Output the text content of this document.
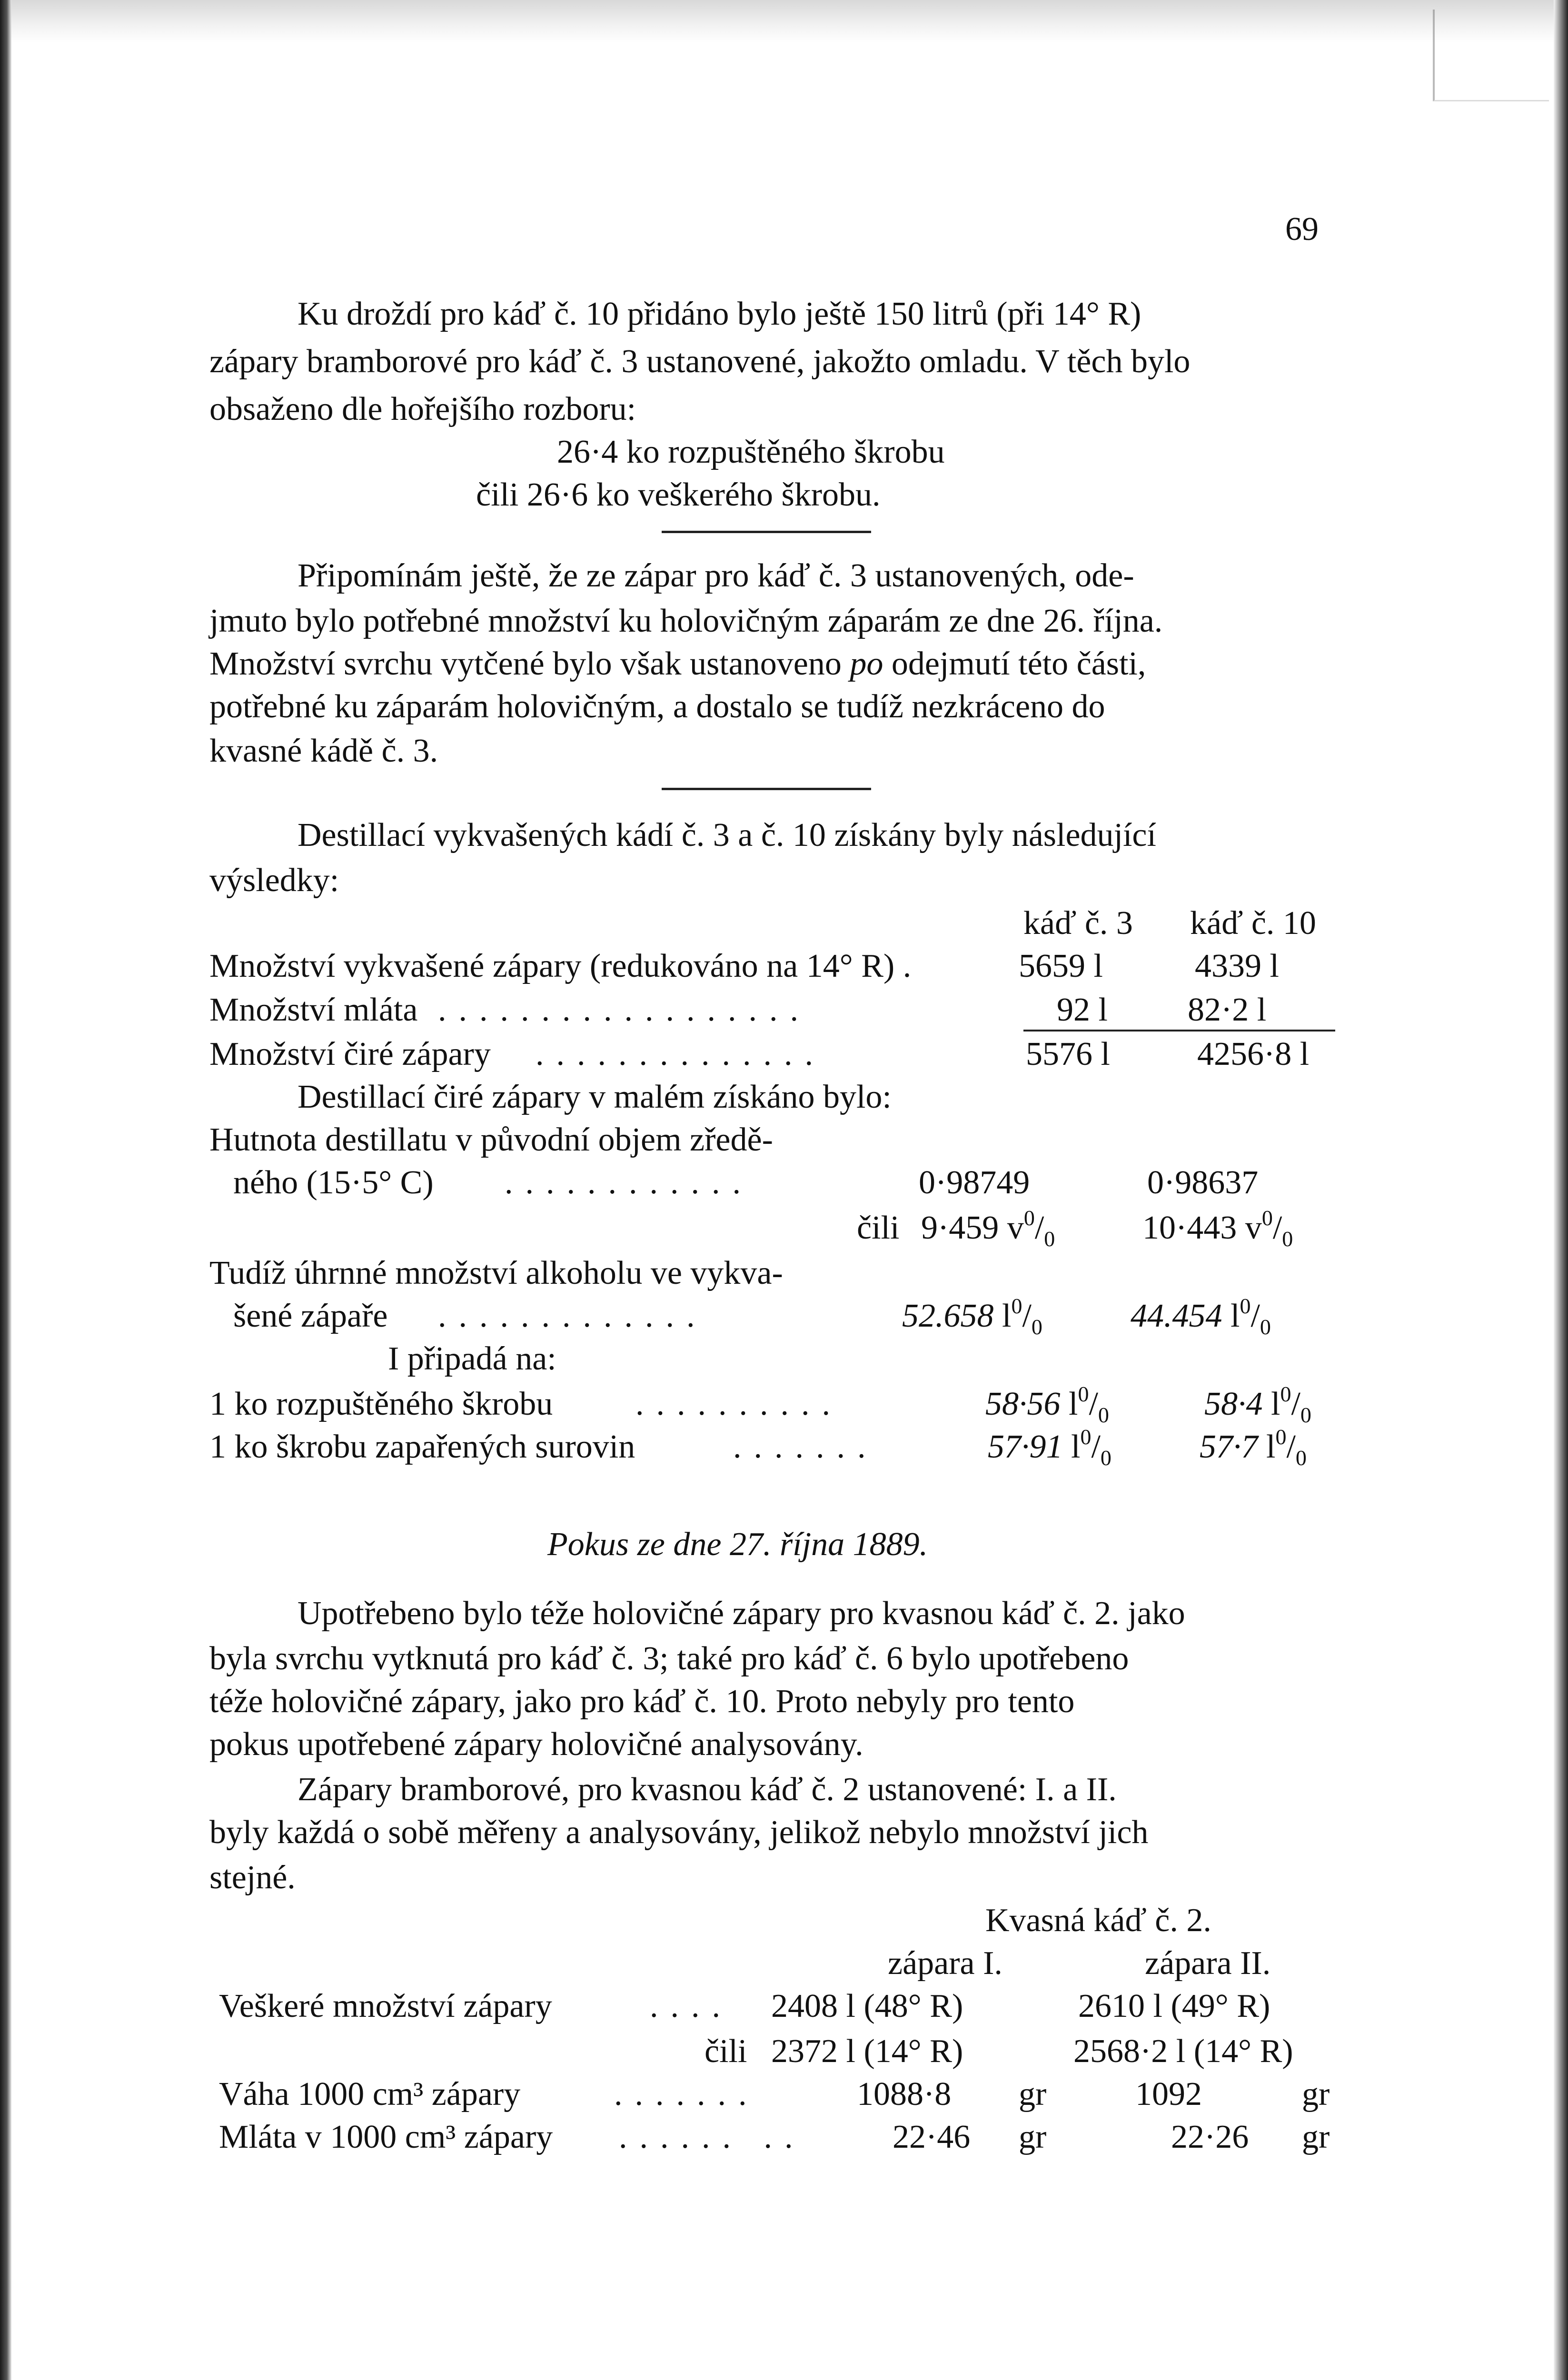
69
Ku droždí pro káď č. 10 přidáno bylo ještě 150 litrů (při 14° R)
zápary bramborové pro káď č. 3 ustanovené, jakožto omladu. V těch bylo
obsaženo dle hořejšího rozboru:
26·4 ko rozpuštěného škrobu
čili 26·6 ko veškerého škrobu.
Připomínám ještě, že ze zápar pro káď č. 3 ustanovených, ode-
jmuto bylo potřebné množství ku holovičným záparám ze dne 26. října.
Množství svrchu vytčené bylo však ustanoveno po odejmutí této části,
potřebné ku záparám holovičným, a dostalo se tudíž nezkráceno do
kvasné kádě č. 3.
Destillací vykvašených kádí č. 3 a č. 10 získány byly následující
výsledky:
káď č. 3 káď č. 10
Množství vykvašené zápary (redukováno na 14° R) .	5659 l	4339 l
Množství mláta ..................	92 l 82·2 l
Množství čiré zápary ..............	5576 l	4256·8 l
Destillací čiré zápary v malém získáno bylo:
Hutnota destillatu v původní objem zředě-
ného (15·5° C) ............	0·98749	0·98637
čili 9·459 $v^0/_0$	10·443 $v^0/_0$
Tudíž úhrnné množství alkoholu ve vykva-
šené zápaře .............	52.658 $l^0/_0$	44.454 $l^0/_0$
I připadá na:
1 ko rozpuštěného škrobu ..........	58·56 $l^0/_0$	58·4 $l^0/_0$
1 ko škrobu zapařených surovin	.......	57·91 $l^0/_0$	57·7 $l^0/_0$
Pokus ze dne 27. října 1889.
Upotřebeno bylo téže holovičné zápary pro kvasnou káď č. 2. jako
byla svrchu vytknutá pro káď č. 3; také pro káď č. 6 bylo upotřebeno
téže holovičné zápary, jako pro káď č. 10. Proto nebyly pro tento
pokus upotřebené zápary holovičné analysovány.
Zápary bramborové, pro kvasnou káď č. 2 ustanovené: I. a II.
byly každá o sobě měřeny a analysovány, jelikož nebylo množství jich
stejné.
Kvasná káď č. 2.
zápara I.	zápara II.
Veškeré množství zápary	.... 2408 l (48° R)	2610 l (49° R)
čili 2372 l (14° R)	2568·2 l (14° R)
Váha 1000 cm³ zápary	.......	1088·8 gr	1092	gr
Mláta v 1000 cm³ zápary ...... ..	22·46 gr	22·26 gr
